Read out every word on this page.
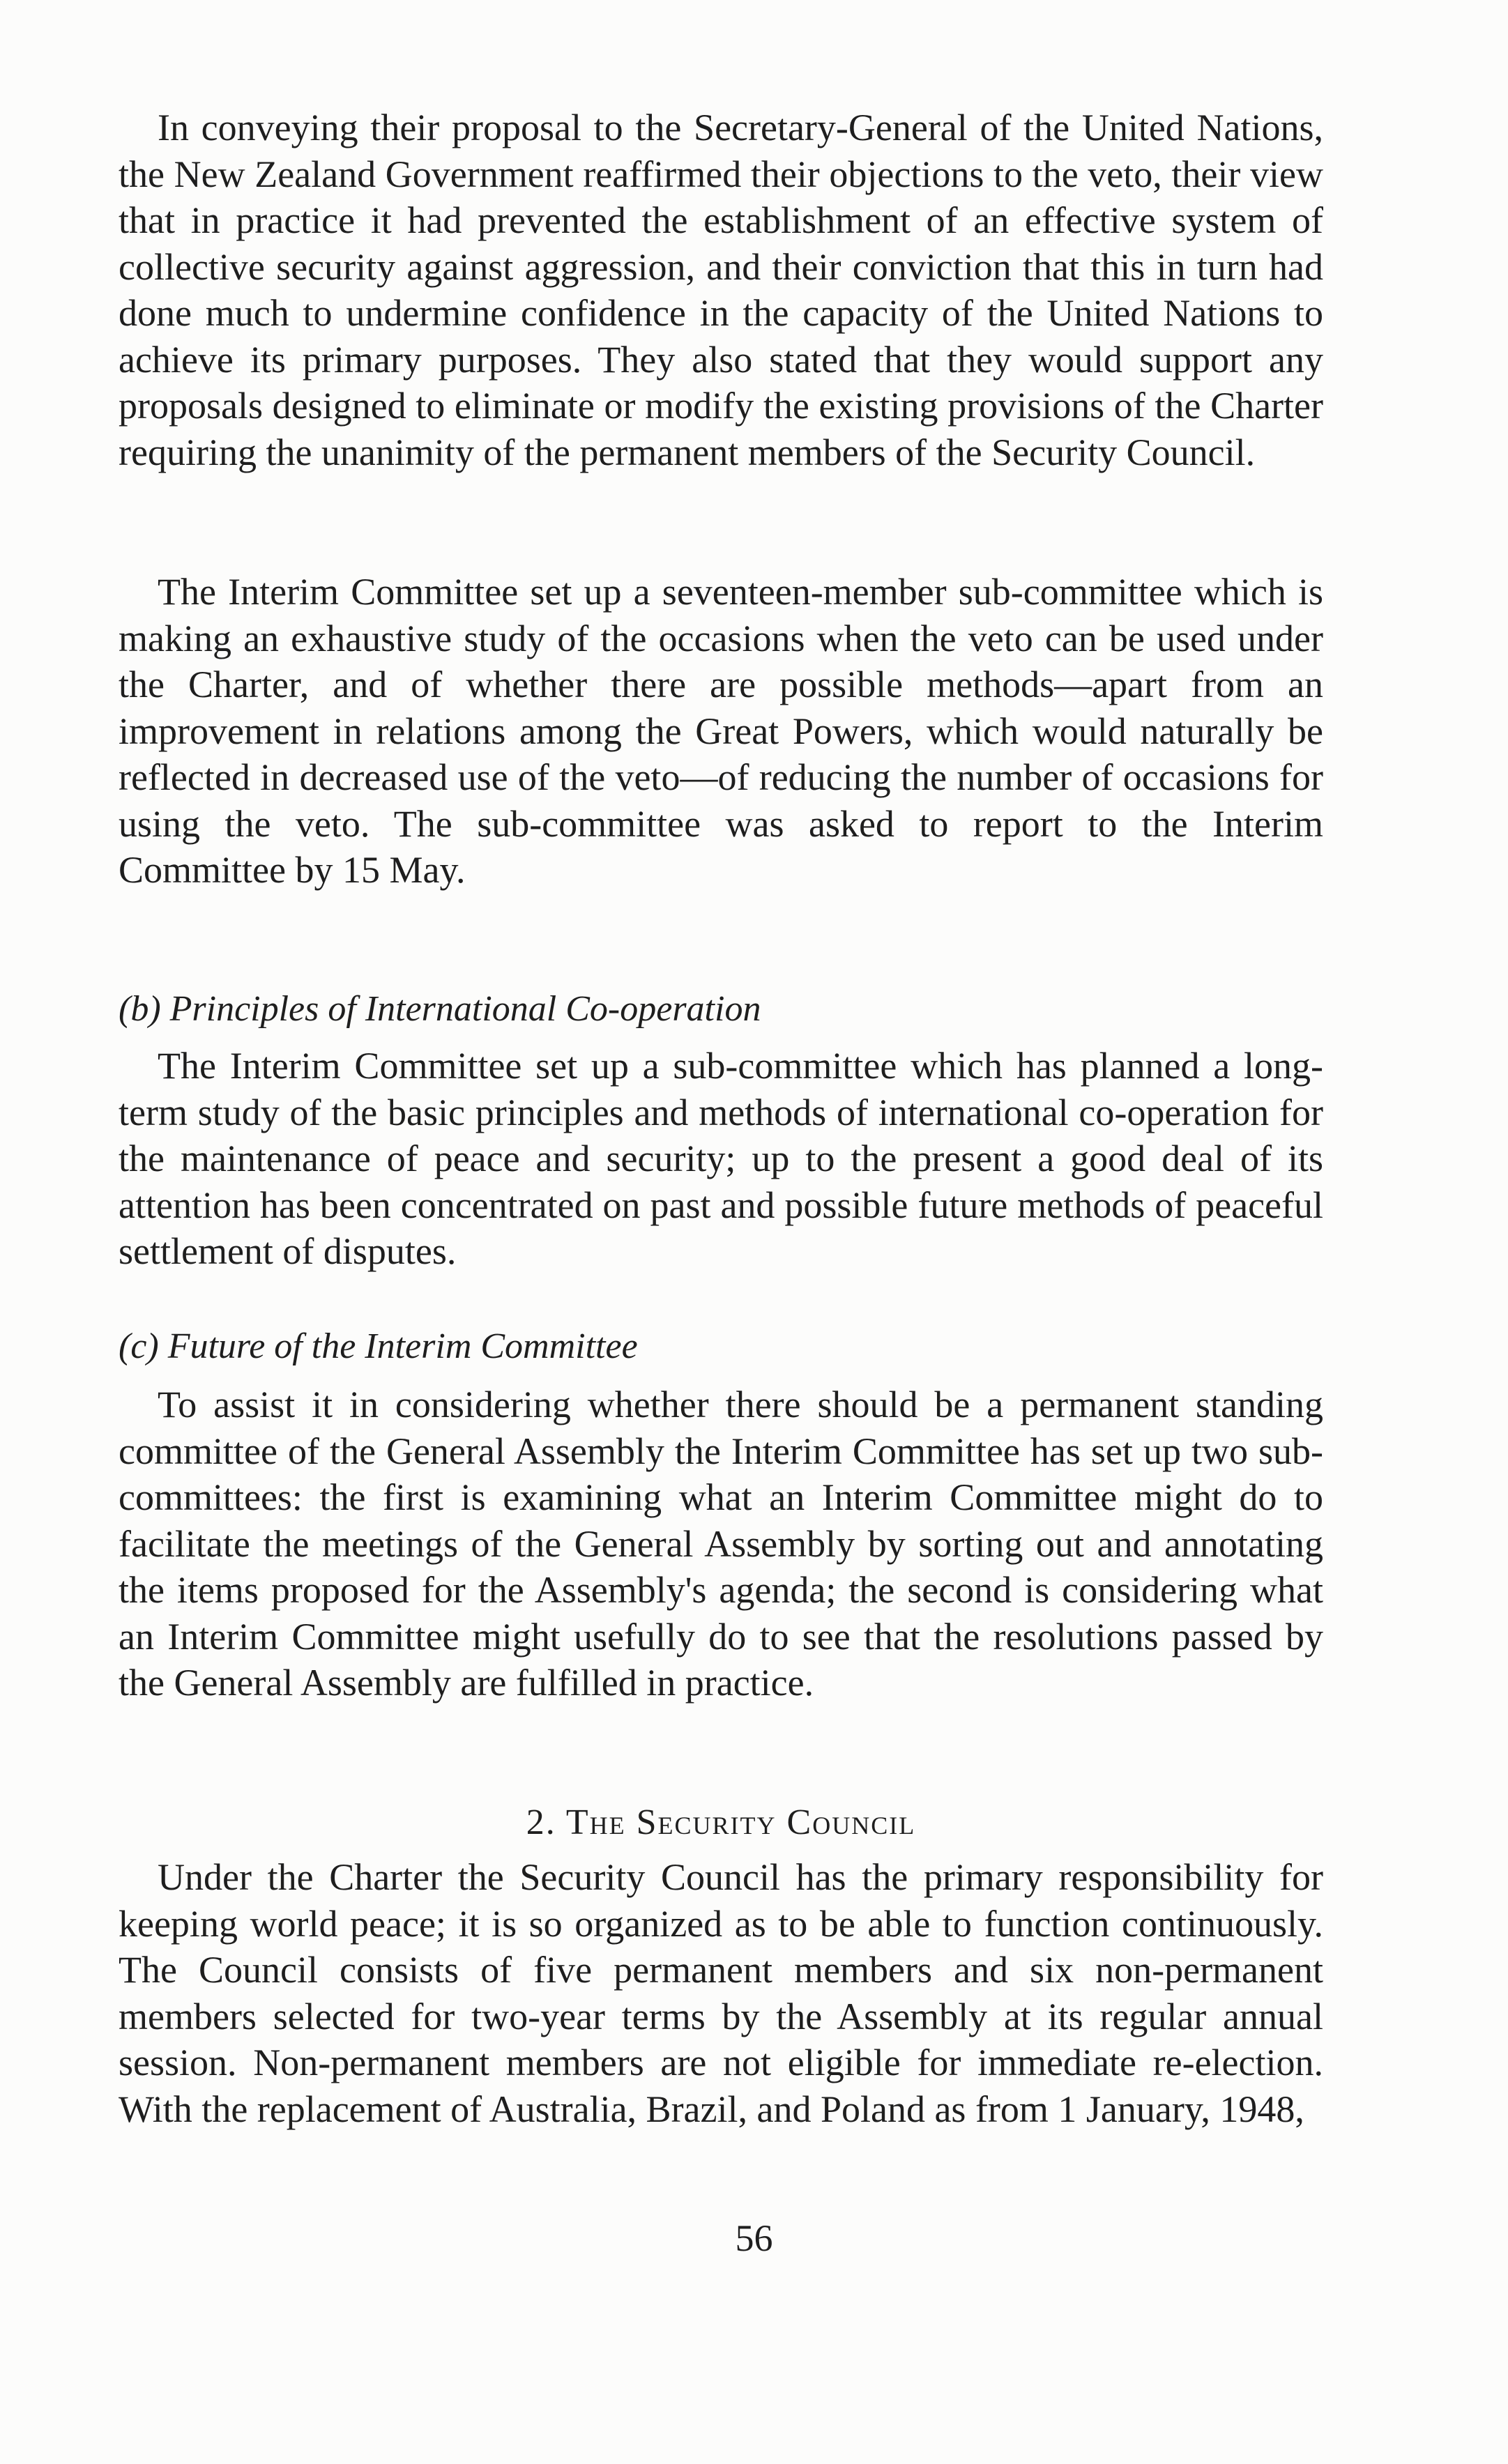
In conveying their proposal to the Secretary-General of the United Nations, the New Zealand Government reaffirmed their objections to the veto, their view that in practice it had prevented the establishment of an effective system of collective security against aggression, and their conviction that this in turn had done much to undermine confidence in the capacity of the United Nations to achieve its primary purposes. They also stated that they would support any proposals designed to eliminate or modify the existing provisions of the Charter requiring the unanimity of the permanent members of the Security Council.

The Interim Committee set up a seventeen-member sub-committee which is making an exhaustive study of the occasions when the veto can be used under the Charter, and of whether there are possible methods—apart from an improvement in relations among the Great Powers, which would naturally be reflected in decreased use of the veto—of reducing the number of occasions for using the veto. The sub-committee was asked to report to the Interim Committee by 15 May.

(b) Principles of International Co-operation

The Interim Committee set up a sub-committee which has planned a long-term study of the basic principles and methods of international co-operation for the maintenance of peace and security; up to the present a good deal of its attention has been concentrated on past and possible future methods of peaceful settlement of disputes.

(c) Future of the Interim Committee

To assist it in considering whether there should be a permanent standing committee of the General Assembly the Interim Committee has set up two sub-committees: the first is examining what an Interim Committee might do to facilitate the meetings of the General Assembly by sorting out and annotating the items proposed for the Assembly's agenda; the second is considering what an Interim Committee might usefully do to see that the resolutions passed by the General Assembly are fulfilled in practice.

2. The Security Council

Under the Charter the Security Council has the primary responsibility for keeping world peace; it is so organized as to be able to function continuously. The Council consists of five permanent members and six non-permanent members selected for two-year terms by the Assembly at its regular annual session. Non-permanent members are not eligible for immediate re-election. With the replacement of Australia, Brazil, and Poland as from 1 January, 1948,

56
